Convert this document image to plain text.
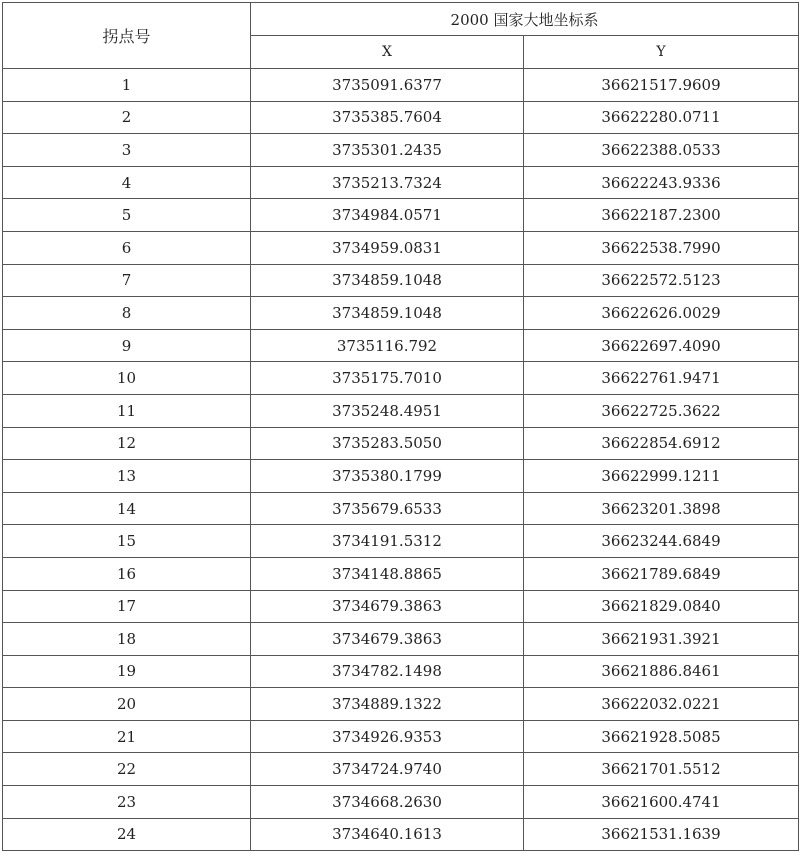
拐点号	2000 国家大地坐标系	
	X	Y
1	3735091.6377	36621517.9609
2	3735385.7604	36622280.0711
3	3735301.2435	36622388.0533
4	3735213.7324	36622243.9336
5	3734984.0571	36622187.2300
6	3734959.0831	36622538.7990
7	3734859.1048	36622572.5123
8	3734859.1048	36622626.0029
9	3735116.792	36622697.4090
10	3735175.7010	36622761.9471
11	3735248.4951	36622725.3622
12	3735283.5050	36622854.6912
13	3735380.1799	36622999.1211
14	3735679.6533	36623201.3898
15	3734191.5312	36623244.6849
16	3734148.8865	36621789.6849
17	3734679.3863	36621829.0840
18	3734679.3863	36621931.3921
19	3734782.1498	36621886.8461
20	3734889.1322	36622032.0221
21	3734926.9353	36621928.5085
22	3734724.9740	36621701.5512
23	3734668.2630	36621600.4741
24	3734640.1613	36621531.1639
